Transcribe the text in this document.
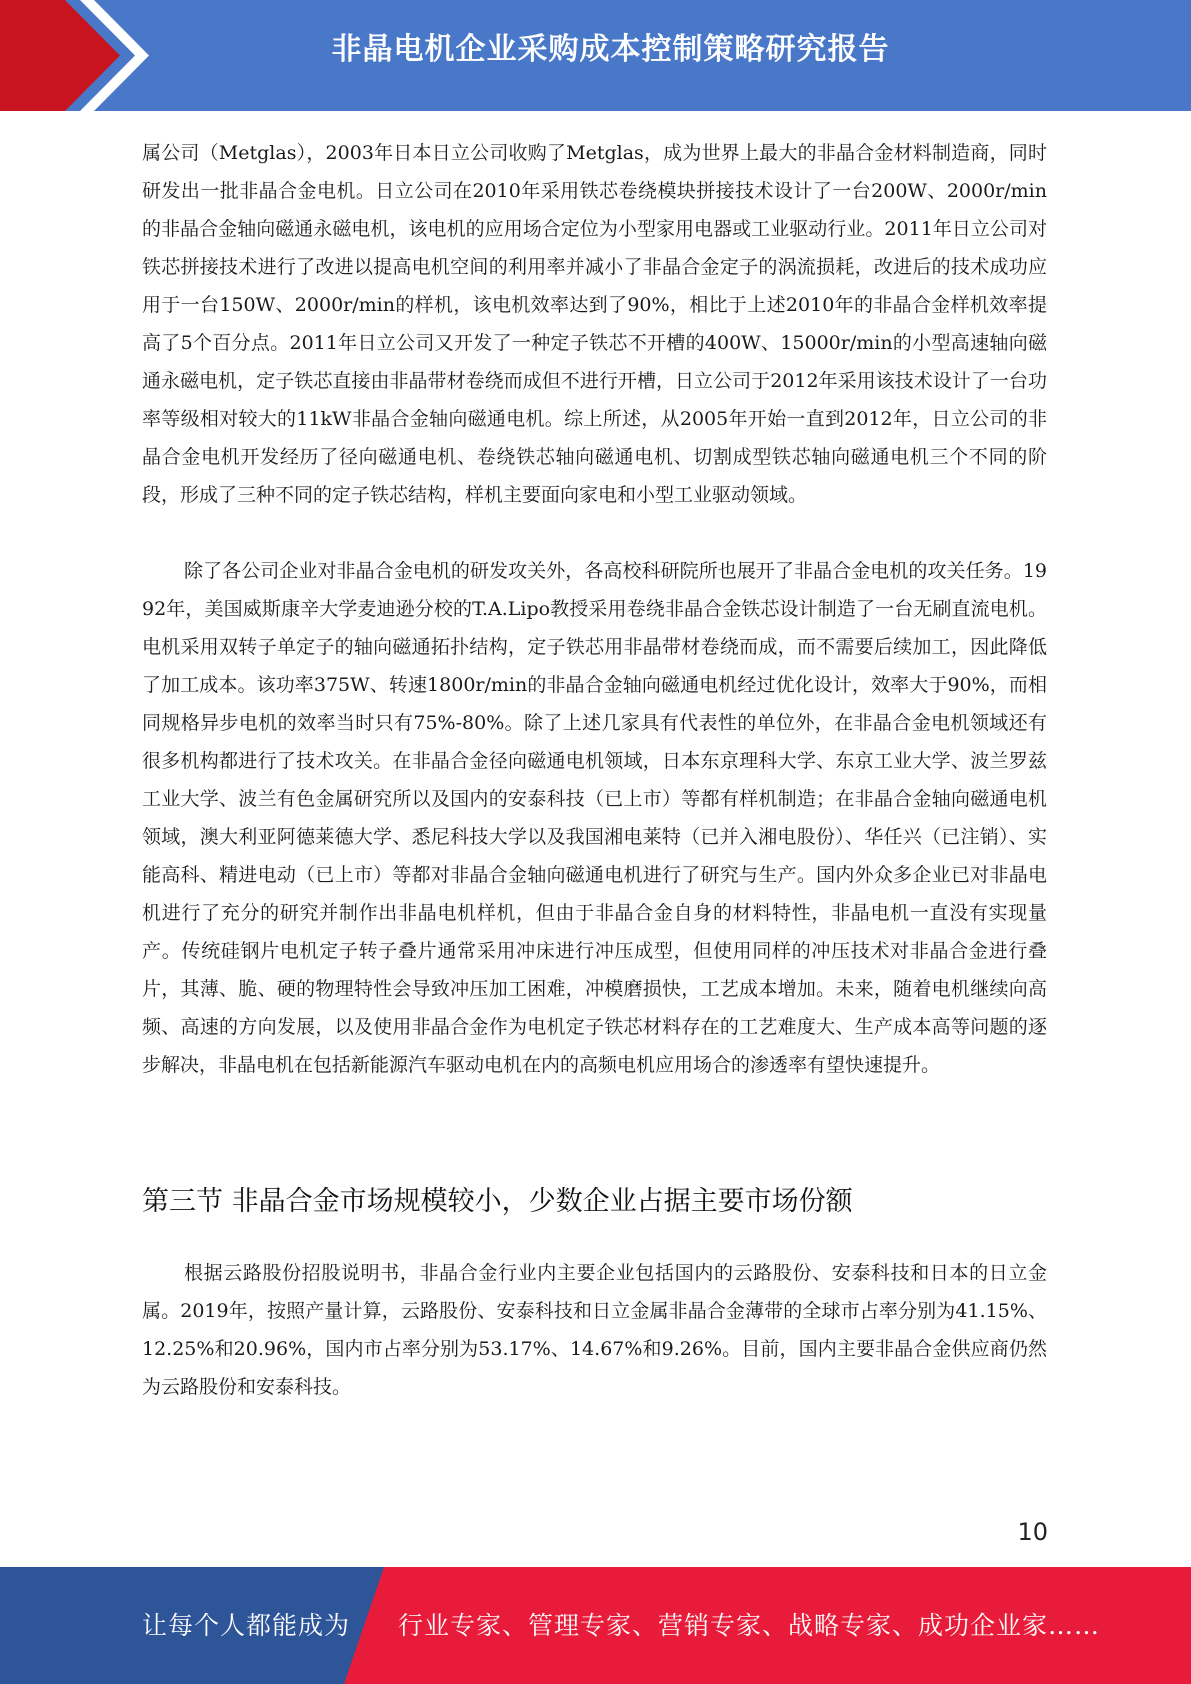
非晶电机企业采购成本控制策略研究报告

属公司（Metglas），2003年日本日立公司收购了Metglas，成为世界上最大的非晶合金材料制造商，同时研发出一批非晶合金电机。日立公司在2010年采用铁芯卷绕模块拼接技术设计了一台200W、2000r/min的非晶合金轴向磁通永磁电机，该电机的应用场合定位为小型家用电器或工业驱动行业。2011年日立公司对铁芯拼接技术进行了改进以提高电机空间的利用率并减小了非晶合金定子的涡流损耗，改进后的技术成功应用于一台150W、2000r/min的样机，该电机效率达到了90%，相比于上述2010年的非晶合金样机效率提高了5个百分点。2011年日立公司又开发了一种定子铁芯不开槽的400W、15000r/min的小型高速轴向磁通永磁电机，定子铁芯直接由非晶带材卷绕而成但不进行开槽，日立公司于2012年采用该技术设计了一台功率等级相对较大的11kW非晶合金轴向磁通电机。综上所述，从2005年开始一直到2012年，日立公司的非晶合金电机开发经历了径向磁通电机、卷绕铁芯轴向磁通电机、切割成型铁芯轴向磁通电机三个不同的阶段，形成了三种不同的定子铁芯结构，样机主要面向家电和小型工业驱动领域。

除了各公司企业对非晶合金电机的研发攻关外，各高校科研院所也展开了非晶合金电机的攻关任务。1992年，美国威斯康辛大学麦迪逊分校的T.A.Lipo教授采用卷绕非晶合金铁芯设计制造了一台无刷直流电机。电机采用双转子单定子的轴向磁通拓扑结构，定子铁芯用非晶带材卷绕而成，而不需要后续加工，因此降低了加工成本。该功率375W、转速1800r/min的非晶合金轴向磁通电机经过优化设计，效率大于90%，而相同规格异步电机的效率当时只有75%-80%。除了上述几家具有代表性的单位外，在非晶合金电机领域还有很多机构都进行了技术攻关。在非晶合金径向磁通电机领域，日本东京理科大学、东京工业大学、波兰罗兹工业大学、波兰有色金属研究所以及国内的安泰科技（已上市）等都有样机制造；在非晶合金轴向磁通电机领域，澳大利亚阿德莱德大学、悉尼科技大学以及我国湘电莱特（已并入湘电股份）、华任兴（已注销）、实能高科、精进电动（已上市）等都对非晶合金轴向磁通电机进行了研究与生产。国内外众多企业已对非晶电机进行了充分的研究并制作出非晶电机样机，但由于非晶合金自身的材料特性，非晶电机一直没有实现量产。传统硅钢片电机定子转子叠片通常采用冲床进行冲压成型，但使用同样的冲压技术对非晶合金进行叠片，其薄、脆、硬的物理特性会导致冲压加工困难，冲模磨损快，工艺成本增加。未来，随着电机继续向高频、高速的方向发展，以及使用非晶合金作为电机定子铁芯材料存在的工艺难度大、生产成本高等问题的逐步解决，非晶电机在包括新能源汽车驱动电机在内的高频电机应用场合的渗透率有望快速提升。

第三节 非晶合金市场规模较小，少数企业占据主要市场份额

根据云路股份招股说明书，非晶合金行业内主要企业包括国内的云路股份、安泰科技和日本的日立金属。2019年，按照产量计算，云路股份、安泰科技和日立金属非晶合金薄带的全球市占率分别为41.15%、12.25%和20.96%，国内市占率分别为53.17%、14.67%和9.26%。目前，国内主要非晶合金供应商仍然为云路股份和安泰科技。

10
让每个人都能成为 行业专家、管理专家、营销专家、战略专家、成功企业家……
